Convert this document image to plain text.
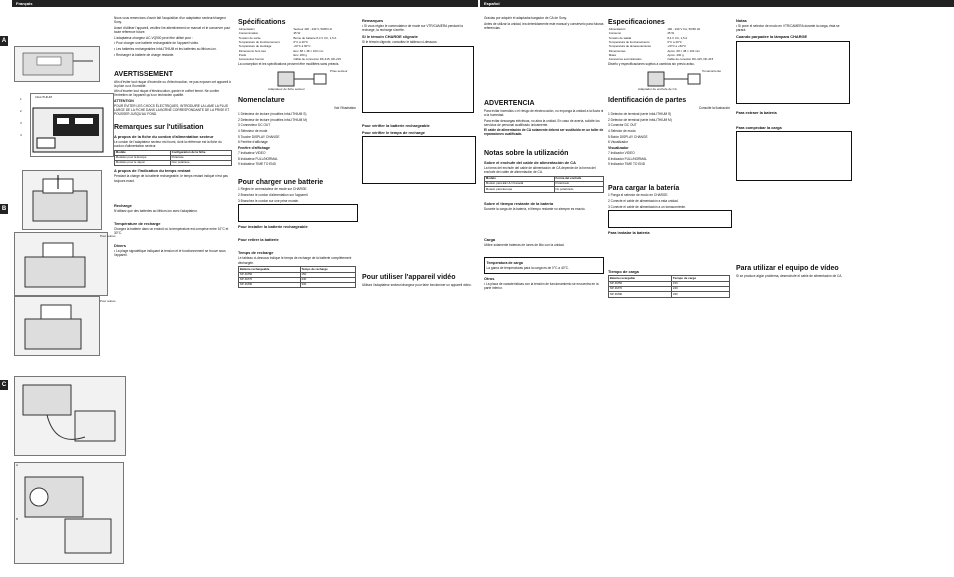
Français	Español
A
B
C
InfoLITHIUM
1
2
3
4
Pour autres
Pour autres
A
B

Nous vous remercions d'avoir fait l'acquisition d'un adaptateur secteur/chargeur Sony.

Avant d'utiliser l'appareil, veuillez lire attentivement ce manuel et le conserver pour toute référence future.

L'adaptateur-chargeur AC-VQ900 peut être utilisé pour :

• Pour charger une batterie rechargeable de l'appareil vidéo.

• Les batteries rechargeables InfoLITHIUM et les batteries au lithium-ion.

• Recharger la batterie de charge restante.

AVERTISSEMENT

Afin d'éviter tout risque d'incendie ou d'électrocution, ne pas exposer cet appareil à la pluie ou à l'humidité.

Afin d'écarter tout risque d'électrocution, garder le coffret fermé. Ne confier l'entretien de l'appareil qu'à un technicien qualifié.

ATTENTION

POUR ÉVITER LES CHOCS ÉLECTRIQUES, INTRODUIRE LA LAME LA PLUS LARGE DE LA FICHE DANS LA BORNE CORRESPONDANTE DE LA PRISE ET POUSSER JUSQU'AU FOND.

Remarques sur l'utilisation
A propos de la fiche du cordon d'alimentation secteur

Le cordon de l'adaptateur secteur est fourni, dont la référence est la fiche du cordon d'alimentation secteur.

Modèle	Configuration de la fiche
Modèles pour la Europe	Polarisée
Modèles pour le Japon	Non polarisée
A propos de l'indication du temps restant

Pendant la charge de la batterie rechargeable, le temps restant indiqué n'est pas toujours exact.

Recharge

N'utilisez que des batteries au lithium-ion avec l'adaptateur.

Température de recharge

Chargez la batterie dans un endroit où la température est comprise entre 10°C et 30°C.

Divers

• La plage signalétique indiquant la tension et le fonctionnement se trouve sous l'appareil.

Spécifications
Alimentation	Secteur 100 - 240 V, 50/60 Hz
Consommation	25 W
Tension de sortie	Borne de batterie 8,4 V CC, 1,5 A
Température de fonctionnement	0°C à 40°C
Température de stockage	-20°C à 60°C
Dimensions hors tout	Env. 68 × 48 × 103 mm
Poids	Env. 200 g
Accessoires fournis	Câble de connexion DK-415, DK-215

La conception et les spécifications peuvent être modifiées sans préavis.

Prise secteur
Adaptateur de fiche secteur
Nomenclature

Voir l'illustration

1 Détecteur de lecture (modèles InfoLITHIUM S)

2 Détecteur de lecture (modèles InfoLITHIUM M)

3 Connecteur DC OUT

4 Sélecteur de mode

5 Touche DISPLAY CHANGE

6 Fenêtre d'affichage

Fenêtre d'affichage

7 Indicateur VIDEO

8 Indicateur FULL/NORMAL

9 Indicateur TIME TO END

Pour charger une batterie

1 Réglez le commutateur de mode sur CHARGE.

2 Branchez le cordon d'alimentation sur l'appareil.

3 Branchez le cordon sur une prise murale.

Pour installer la batterie rechargeable
Pour retirer la batterie
Temps de recharge

Le tableau ci-dessous indique le temps de recharge de la batterie complètement déchargée.

Batterie rechargeable	Temps de recharge
NP-FM50	150
NP-FM70	240
NP-FM90	330
Remarques

• Si vous réglez le commutateur de mode sur VTR/CAMERA pendant la recharge, la recharge s'arrête.

Si le témoin CHARGE clignote

Si le témoin clignote, consultez le tableau ci-dessous.

Pour vérifier la batterie rechargeable
Pour vérifier le temps de recharge
Pour utiliser l'appareil vidéo

Utilisez l'adaptateur secteur/chargeur pour faire fonctionner un appareil vidéo.

Gracias por adquirir el adaptador/cargador de CA de Sony.

Antes de utilizar la unidad, lea detenidamente este manual y consérvelo para futuras referencias.

ADVERTENCIA

Para evitar incendios o el riesgo de electrocución, no exponga la unidad a la lluvia ni a la humedad.

Para evitar descargas eléctricas, no abra la unidad. En caso de avería, solicite los servicios de personal cualificado únicamente.

El cable de alimentación de CA solamente deberá ser sustituido en un taller de reparaciones cualificado.

Notas sobre la utilización
Sobre el enchufe del cable de alimentación de CA

La forma del enchufe del cable de alimentación de CA depende de la forma del enchufe del cable de alimentación de CA.

Modelo	Forma del enchufe
Modelo para EE.UU./Canadá	Polarizado
Modelo para Europa	No polarizado
Sobre el tiempo restante de la batería

Durante la carga de la batería, el tiempo restante no siempre es exacto.

Carga

Utilice solamente baterías de iones de litio con la unidad.

Temperatura de carga

La gama de temperaturas para la carga es de 0°C a 40°C.

Otros

• La placa de características con la tensión de funcionamiento se encuentra en la parte inferior.

Especificaciones
Alimentación	100 - 240 V CA, 50/60 Hz
Consumo	25 W
Tensión de salida	8,4 V CC, 1,5 A
Temperatura de funcionamiento	0°C a 40°C
Temperatura de almacenamiento	-20°C a +60°C
Dimensiones	Aprox. 68 × 48 × 103 mm
Masa	Aprox. 200 g
Accesorios suministrados	Cable de conexión DK-415, DK-215

Diseño y especificaciones sujetos a cambios sin previo aviso.

Tomacorriente
Adaptador de enchufe de CA
Identificación de partes

Consulte la ilustración

1 Detector de terminal (serie InfoLITHIUM S)

2 Detector de terminal (serie InfoLITHIUM M)

3 Conector DC OUT

4 Selector de modo

5 Botón DISPLAY CHANGE

6 Visualizador

Visualizador

7 Indicador VIDEO

8 Indicador FULL/NORMAL

9 Indicador TIME TO END

Para cargar la batería

1 Ponga el selector de modo en CHARGE.

2 Conecte el cable de alimentación a esta unidad.

3 Conecte el cable de alimentación a un tomacorriente.

Para instalar la batería
Tiempo de carga
Batería recargable	Tiempo de carga
NP-FM50	150
NP-FM70	240
NP-FM90	330
Notas

• Si pone el selector de modo en VTR/CAMERA durante la carga, ésta se parará.

Cuando parpadee la lámpara CHARGE
Para extraer la batería
Para comprobar la carga
Para utilizar el equipo de vídeo

Si se produce algún problema, desenchufe el cable de alimentación de CA.
